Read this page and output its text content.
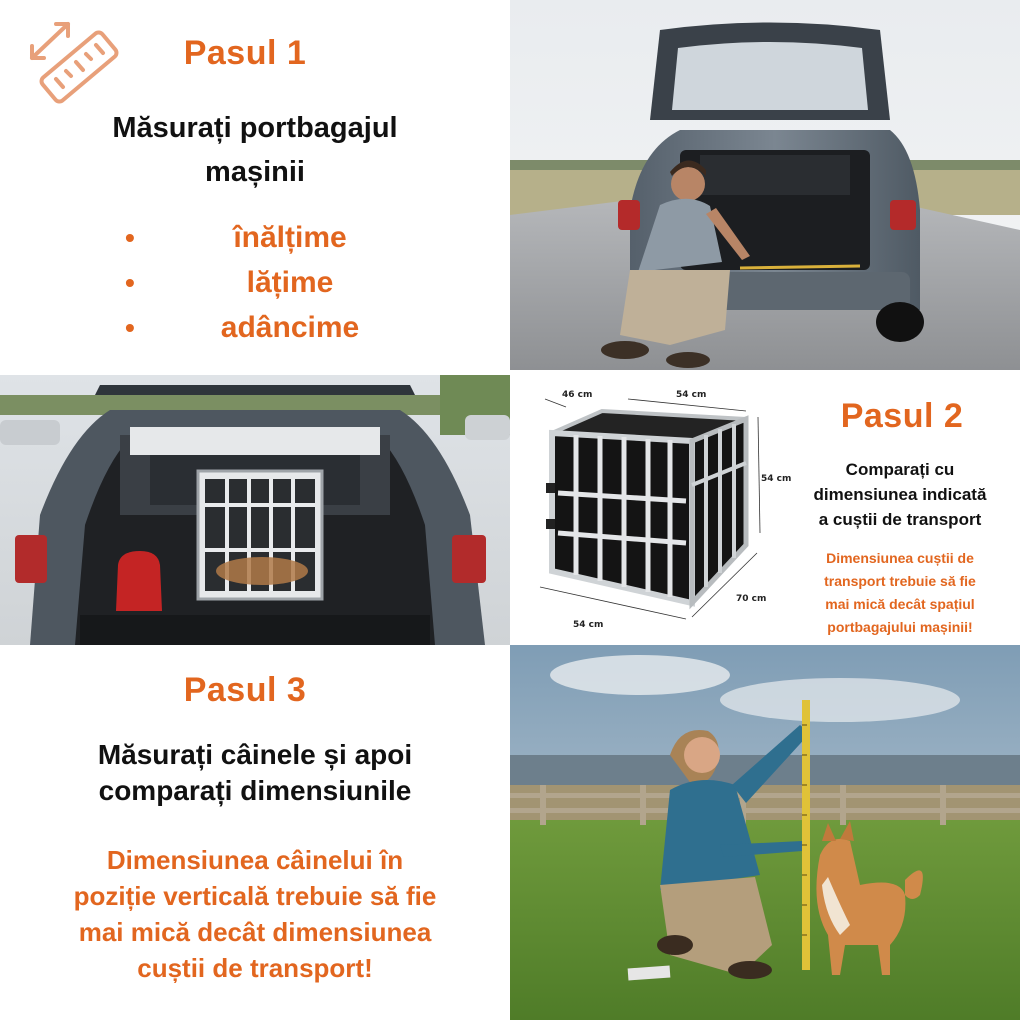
Pasul 1
Măsurați portbagajul
mașinii
•	înălțime
•	lățime
•	adâncime
46 cm	54 cm
54 cm
70 cm
54 cm
Pasul 2
Comparați cu
dimensiunea indicată
a cuștii de transport
Dimensiunea cuștii de
transport trebuie să fie
mai mică decât spațiul
portbagajului mașinii!
Pasul 3
Măsurați câinele și apoi
comparați dimensiunile
Dimensiunea câinelui în
poziție verticală trebuie să fie
mai mică decât dimensiunea
cuștii de transport!
